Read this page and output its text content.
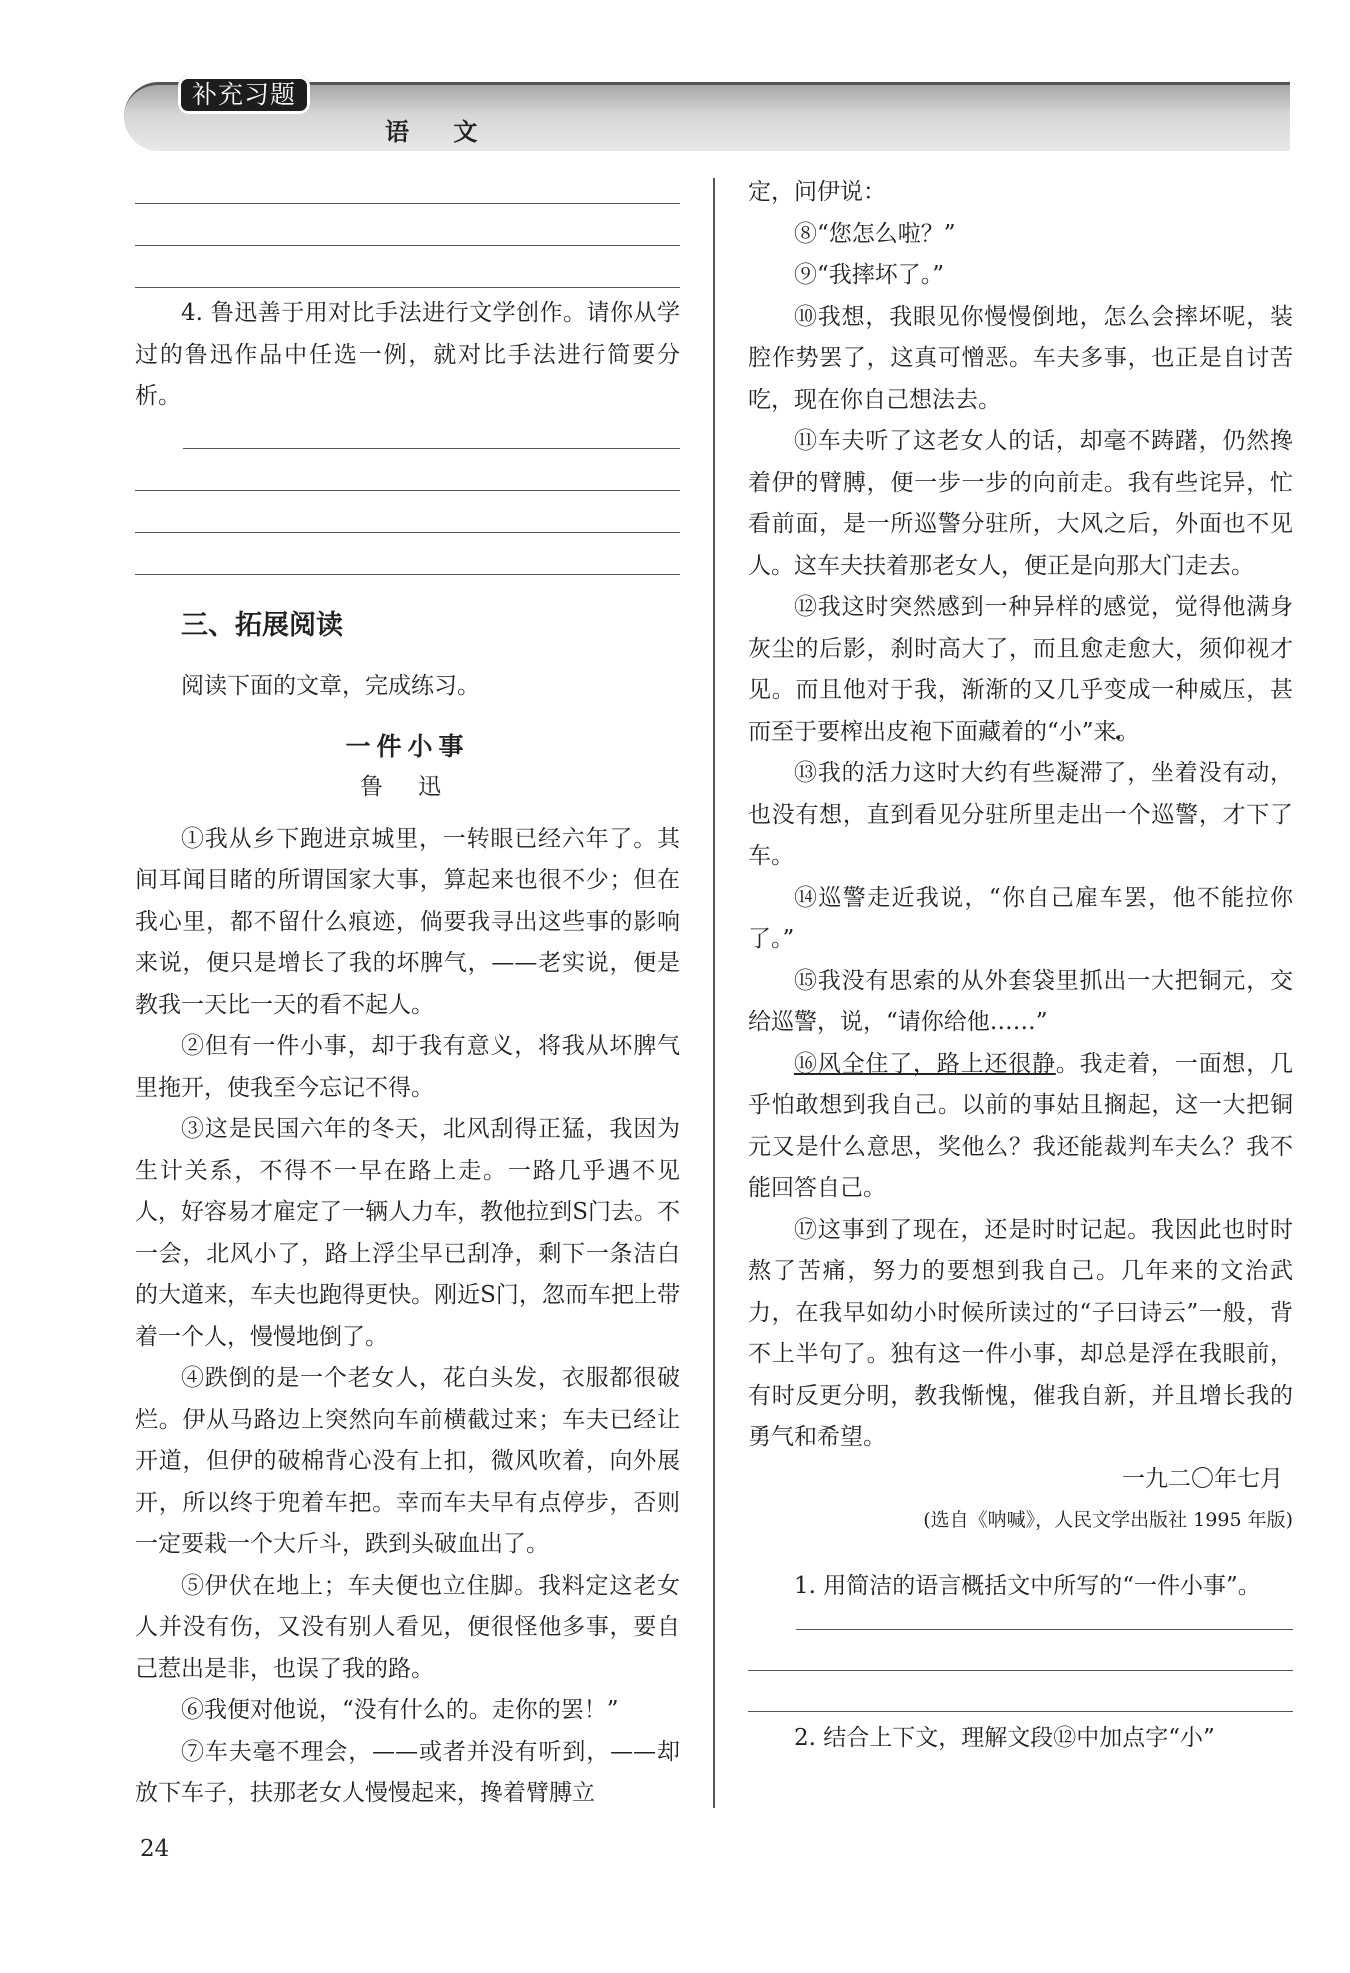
补充习题
语 文

4. 鲁迅善于用对比手法进行文学创作。请你从学过的鲁迅作品中任选一例，就对比手法进行简要分析。

三、拓展阅读

阅读下面的文章，完成练习。

一件小事

鲁 迅

①我从乡下跑进京城里，一转眼已经六年了。其间耳闻目睹的所谓国家大事，算起来也很不少；但在我心里，都不留什么痕迹，倘要我寻出这些事的影响来说，便只是增长了我的坏脾气，——老实说，便是教我一天比一天的看不起人。

②但有一件小事，却于我有意义，将我从坏脾气里拖开，使我至今忘记不得。

③这是民国六年的冬天，北风刮得正猛，我因为生计关系，不得不一早在路上走。一路几乎遇不见人，好容易才雇定了一辆人力车，教他拉到S门去。不一会，北风小了，路上浮尘早已刮净，剩下一条洁白的大道来，车夫也跑得更快。刚近S门，忽而车把上带着一个人，慢慢地倒了。

④跌倒的是一个老女人，花白头发，衣服都很破烂。伊从马路边上突然向车前横截过来；车夫已经让开道，但伊的破棉背心没有上扣，微风吹着，向外展开，所以终于兜着车把。幸而车夫早有点停步，否则一定要栽一个大斤斗，跌到头破血出了。

⑤伊伏在地上；车夫便也立住脚。我料定这老女人并没有伤，又没有别人看见，便很怪他多事，要自己惹出是非，也误了我的路。

⑥我便对他说，“没有什么的。走你的罢！”

⑦车夫毫不理会，——或者并没有听到，——却放下车子，扶那老女人慢慢起来，搀着臂膊立

定，问伊说：

⑧“您怎么啦？”

⑨“我摔坏了。”

⑩我想，我眼见你慢慢倒地，怎么会摔坏呢，装腔作势罢了，这真可憎恶。车夫多事，也正是自讨苦吃，现在你自己想法去。

⑪车夫听了这老女人的话，却毫不踌躇，仍然搀着伊的臂膊，便一步一步的向前走。我有些诧异，忙看前面，是一所巡警分驻所，大风之后，外面也不见人。这车夫扶着那老女人，便正是向那大门走去。

⑫我这时突然感到一种异样的感觉，觉得他满身灰尘的后影，刹时高大了，而且愈走愈大，须仰视才见。而且他对于我，渐渐的又几乎变成一种威压，甚而至于要榨出皮袍下面藏着的“小 •”来。

⑬我的活力这时大约有些凝滞了，坐着没有动，也没有想，直到看见分驻所里走出一个巡警，才下了车。

⑭巡警走近我说，“你自己雇车罢，他不能拉你了。”

⑮我没有思索的从外套袋里抓出一大把铜元，交给巡警，说，“请你给他……”

⑯风全住了，路上还很静。我走着，一面想，几乎怕敢想到我自己。以前的事姑且搁起，这一大把铜元又是什么意思，奖他么？我还能裁判车夫么？我不能回答自己。

⑰这事到了现在，还是时时记起。我因此也时时熬了苦痛，努力的要想到我自己。几年来的文治武力，在我早如幼小时候所读过的“子曰诗云”一般，背不上半句了。独有这一件小事，却总是浮在我眼前，有时反更分明，教我惭愧，催我自新，并且增长我的勇气和希望。

一九二〇年七月

(选自《呐喊》，人民文学出版社 1995 年版)

1. 用简洁的语言概括文中所写的“一件小事”。

2. 结合上下文，理解文段⑫中加点字“小”

24
